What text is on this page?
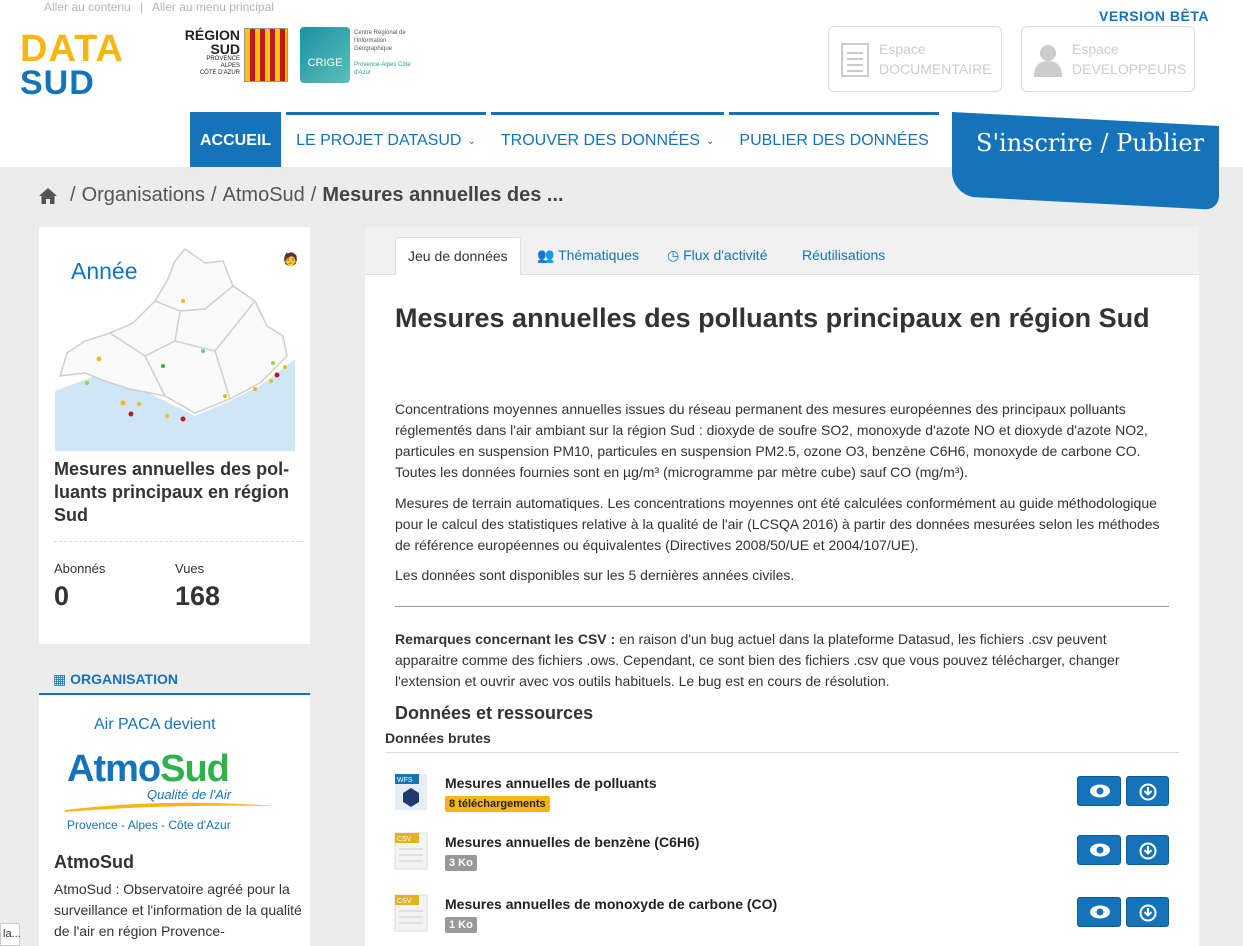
Aller au contenu | Aller au menu principal
DATA
SUD
RÉGION
SUD
PROVENCE
ALPES
CÔTE D'AZUR
CRIGE
Centre Régional de l'Information Géographique

Provence-Alpes Côte d'Azur
VERSION BÊTA
Espace
DOCUMENTAIRE
Espace
DEVELOPPEURS
ACCUEIL LE PROJET DATASUD ⌄ TROUVER DES DONNÉES ⌄ PUBLIER DES DONNÉES	S'inscrire / Publier
/ Organisations / AtmoSud / Mesures annuelles des ...
Année	🧑
Mesures annuelles des pol-luants principaux en région Sud
Abonnés
0
Vues
168
▦ ORGANISATION
Air PACA devient
AtmoSud
Qualité de l'Air
Provence - Alpes - Côte d'Azur
AtmoSud
AtmoSud : Observatoire agréé pour la surveillance et l'information de la qualité de l'air en région Provence-
Jeu de données	👥 Thématiques	◷ Flux d'activité	Réutilisations
Mesures annuelles des polluants principaux en région Sud
Concentrations moyennes annuelles issues du réseau permanent des mesures européennes des principaux polluants réglementés dans l'air ambiant sur la région Sud : dioxyde de soufre SO2, monoxyde d'azote NO et dioxyde d'azote NO2, particules en suspension PM10, particules en suspension PM2.5, ozone O3, benzène C6H6, monoxyde de carbone CO. Toutes les données fournies sont en µg/m³ (microgramme par mètre cube) sauf CO (mg/m³).
Mesures de terrain automatiques. Les concentrations moyennes ont été calculées conformément au guide méthodologique pour le calcul des statistiques relative à la qualité de l'air (LCSQA 2016) à partir des données mesurées selon les méthodes de référence européennes ou équivalentes (Directives 2008/50/UE et 2004/107/UE).
Les données sont disponibles sur les 5 dernières années civiles.
Remarques concernant les CSV : en raison d'un bug actuel dans la plateforme Datasud, les fichiers .csv peuvent apparaitre comme des fichiers .ows. Cependant, ce sont bien des fichiers .csv que vous pouvez télécharger, changer l'extension et ouvrir avec vos outils habituels. Le bug est en cours de résolution.
Données et ressources
Données brutes
WFS Mesures annuelles de polluants
8 téléchargements
CSV Mesures annuelles de benzène (C6H6)
3 Ko
CSV Mesures annuelles de monoxyde de carbone (CO)
1 Ko
la...
